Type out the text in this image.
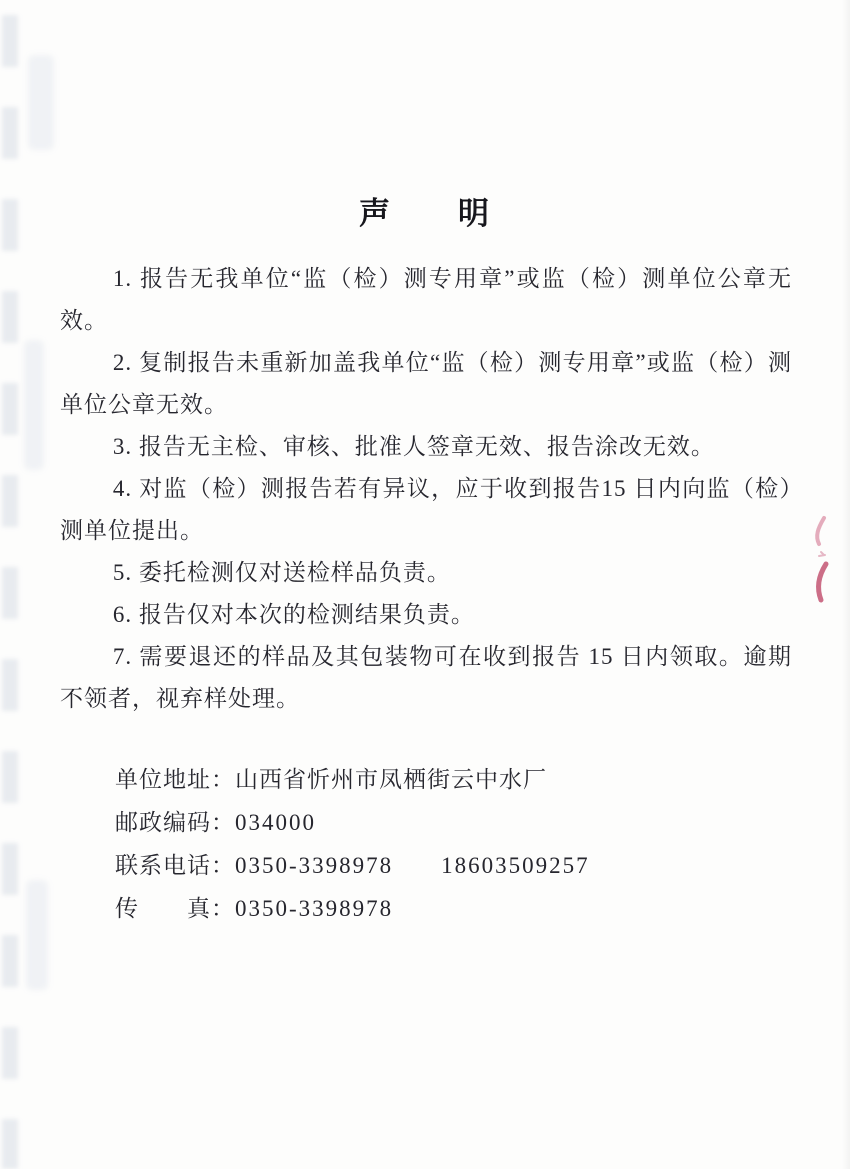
声　　明

1. 报告无我单位“监（检）测专用章”或监（检）测单位公章无效。

2. 复制报告未重新加盖我单位“监（检）测专用章”或监（检）测单位公章无效。

3. 报告无主检、审核、批准人签章无效、报告涂改无效。

4. 对监（检）测报告若有异议，应于收到报告15 日内向监（检）测单位提出。

5. 委托检测仅对送检样品负责。

6. 报告仅对本次的检测结果负责。

7. 需要退还的样品及其包装物可在收到报告 15 日内领取。逾期不领者，视弃样处理。

单位地址：山西省忻州市凤栖街云中水厂

邮政编码：034000

联系电话：0350-3398978 18603509257

传　　真：0350-3398978
